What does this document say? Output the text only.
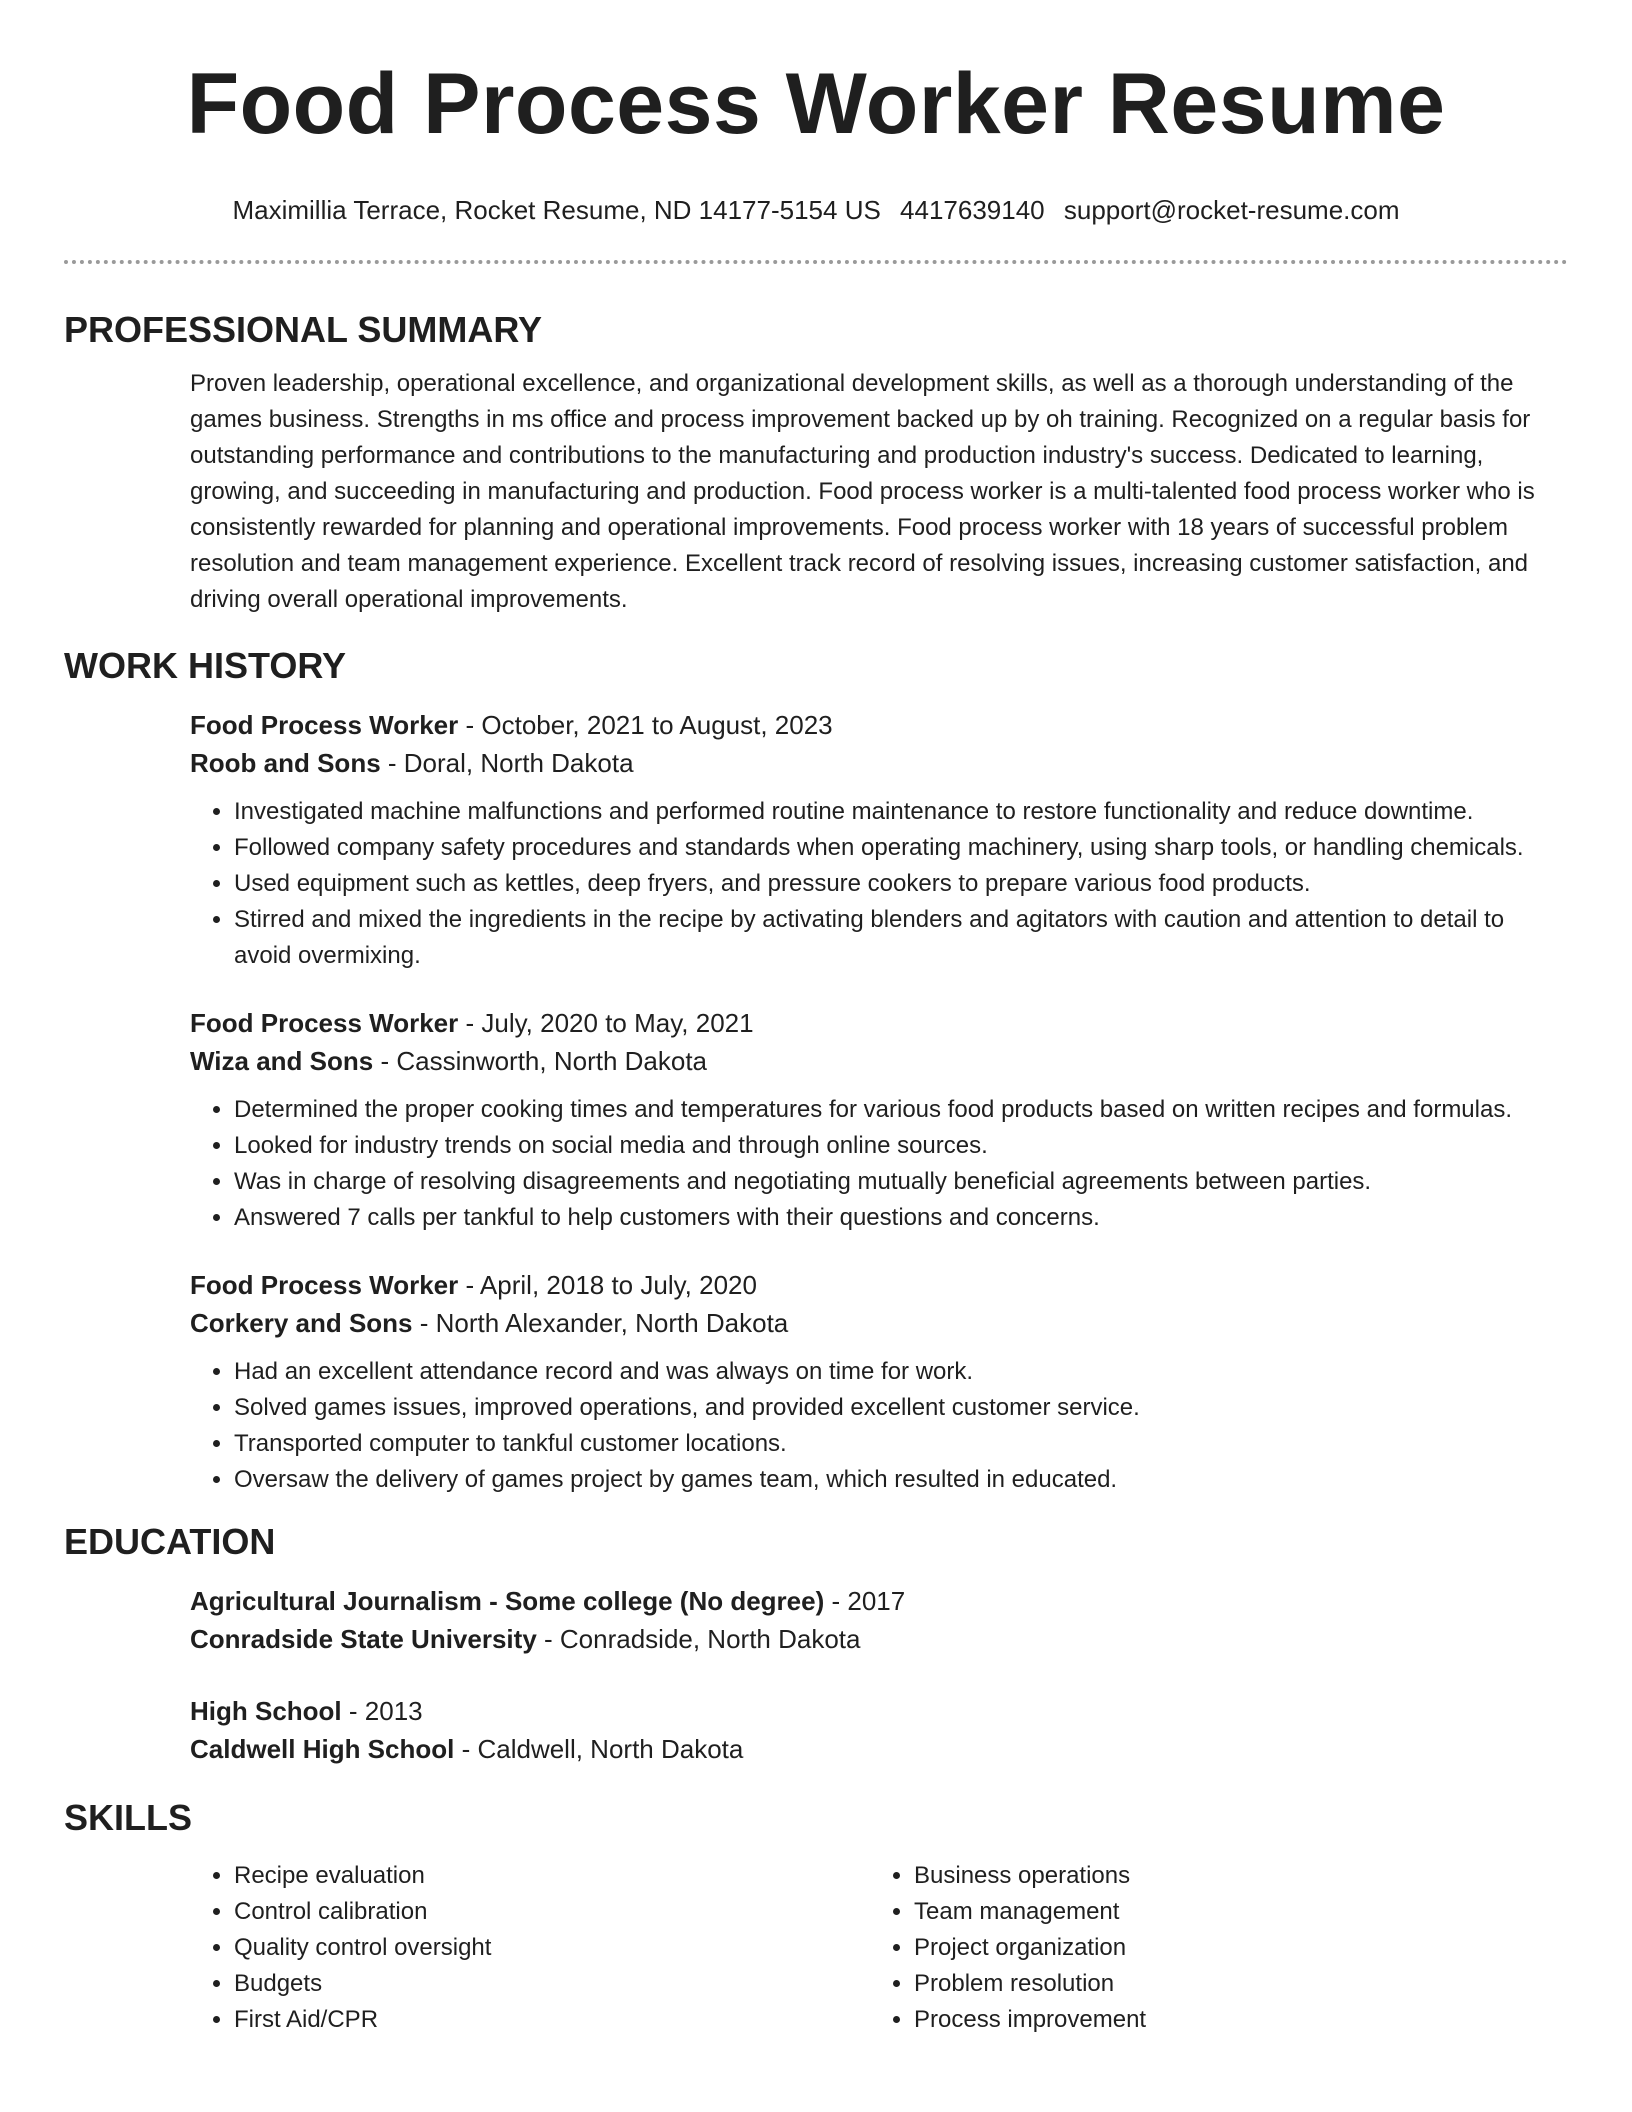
Food Process Worker Resume
Maximillia Terrace, Rocket Resume, ND 14177-5154 US 4417639140 support@rocket-resume.com
PROFESSIONAL SUMMARY

Proven leadership, operational excellence, and organizational development skills, as well as a thorough understanding of the games business. Strengths in ms office and process improvement backed up by oh training. Recognized on a regular basis for outstanding performance and contributions to the manufacturing and production industry's success. Dedicated to learning, growing, and succeeding in manufacturing and production. Food process worker is a multi-talented food process worker who is consistently rewarded for planning and operational improvements. Food process worker with 18 years of successful problem resolution and team management experience. Excellent track record of resolving issues, increasing customer satisfaction, and driving overall operational improvements.

WORK HISTORY

Food Process Worker - October, 2021 to August, 2023

Roob and Sons - Doral, North Dakota

• Investigated machine malfunctions and performed routine maintenance to restore functionality and reduce downtime.
• Followed company safety procedures and standards when operating machinery, using sharp tools, or handling chemicals.
• Used equipment such as kettles, deep fryers, and pressure cookers to prepare various food products.
• Stirred and mixed the ingredients in the recipe by activating blenders and agitators with caution and attention to detail to avoid overmixing.

Food Process Worker - July, 2020 to May, 2021

Wiza and Sons - Cassinworth, North Dakota

• Determined the proper cooking times and temperatures for various food products based on written recipes and formulas.
• Looked for industry trends on social media and through online sources.
• Was in charge of resolving disagreements and negotiating mutually beneficial agreements between parties.
• Answered 7 calls per tankful to help customers with their questions and concerns.

Food Process Worker - April, 2018 to July, 2020

Corkery and Sons - North Alexander, North Dakota

• Had an excellent attendance record and was always on time for work.
• Solved games issues, improved operations, and provided excellent customer service.
• Transported computer to tankful customer locations.
• Oversaw the delivery of games project by games team, which resulted in educated.
EDUCATION

Agricultural Journalism - Some college (No degree) - 2017

Conradside State University - Conradside, North Dakota

High School - 2013

Caldwell High School - Caldwell, North Dakota

SKILLS
• Recipe evaluation
• Control calibration
• Quality control oversight
• Budgets
• First Aid/CPR
• Business operations
• Team management
• Project organization
• Problem resolution
• Process improvement
